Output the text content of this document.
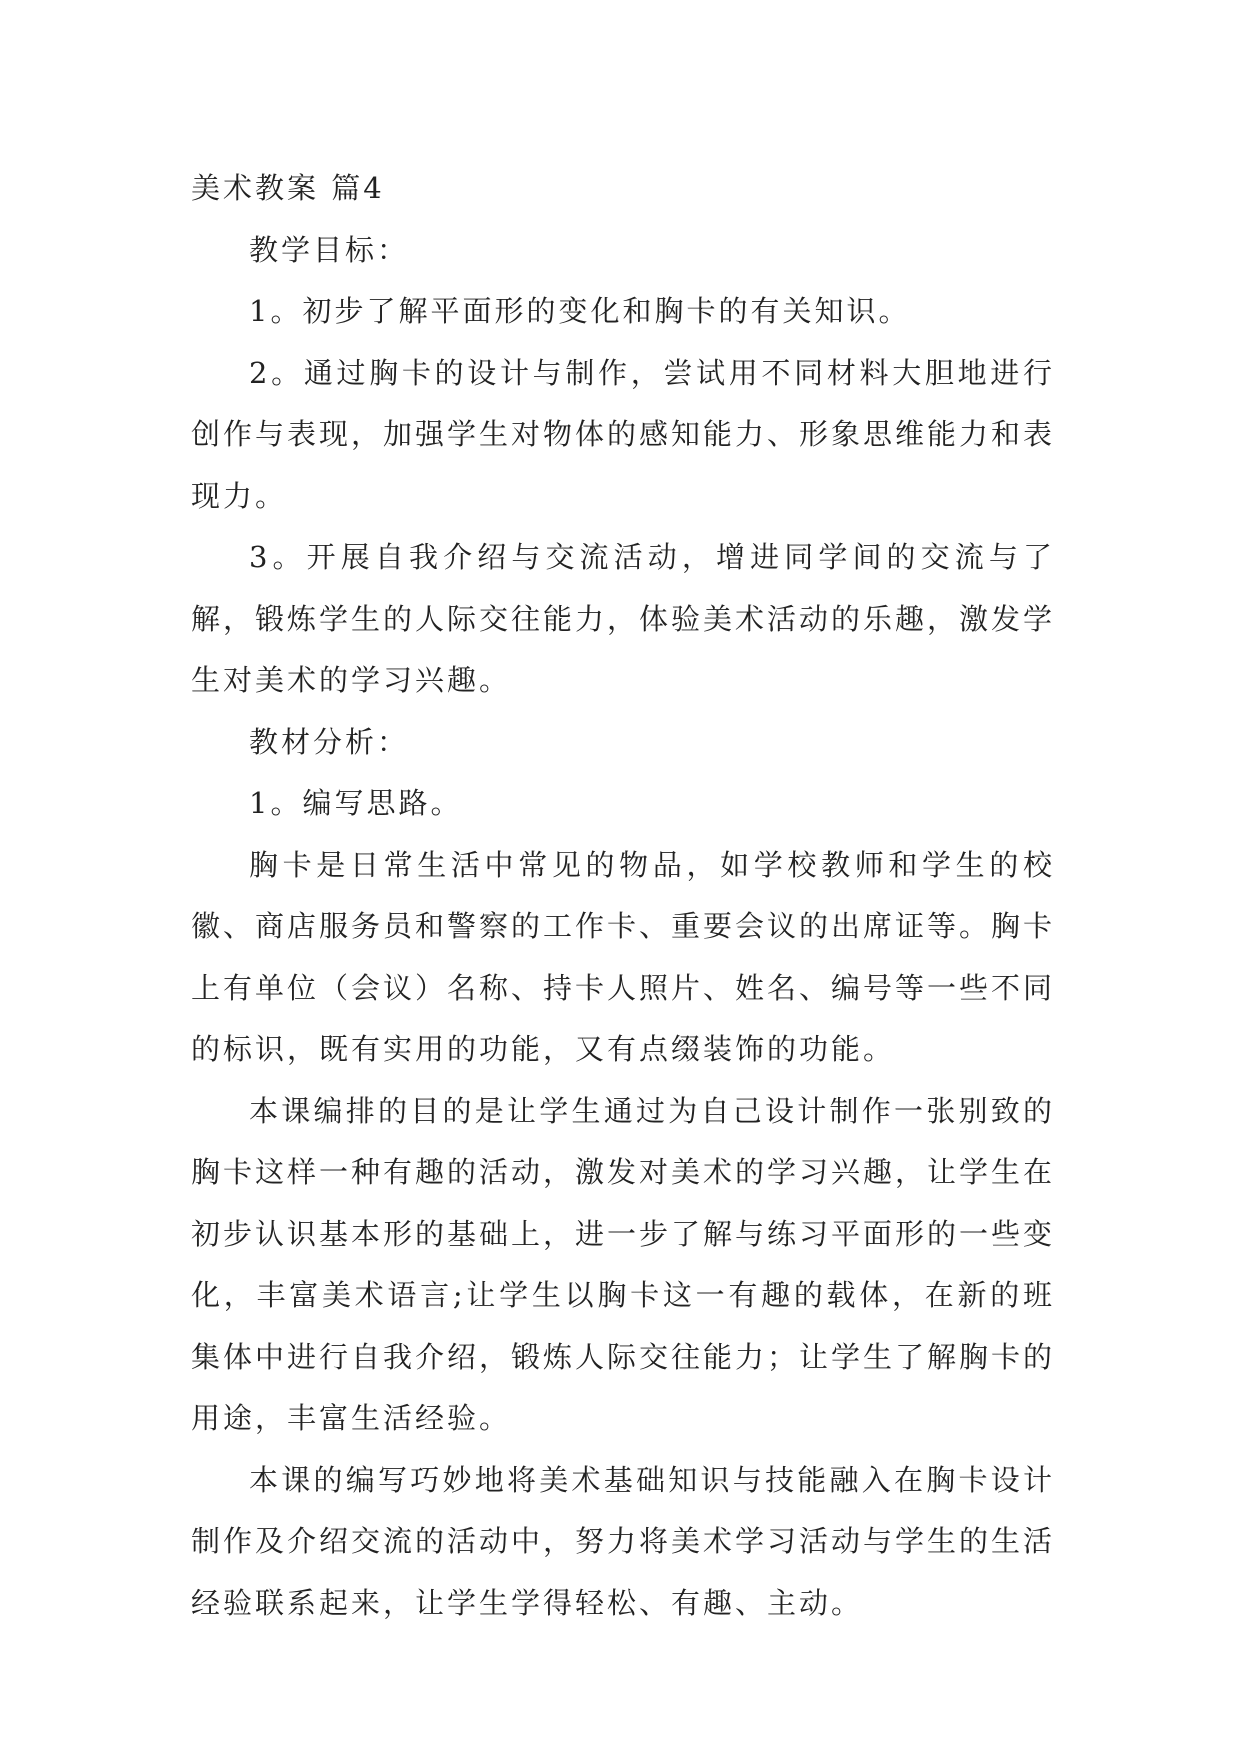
美术教案 篇4

教学目标：

1。初步了解平面形的变化和胸卡的有关知识。

2。通过胸卡的设计与制作，尝试用不同材料大胆地进行创作与表现，加强学生对物体的感知能力、形象思维能力和表现力。

3。开展自我介绍与交流活动，增进同学间的交流与了解，锻炼学生的人际交往能力，体验美术活动的乐趣，激发学生对美术的学习兴趣。

教材分析：

1。编写思路。

胸卡是日常生活中常见的物品，如学校教师和学生的校徽、商店服务员和警察的工作卡、重要会议的出席证等。胸卡上有单位（会议）名称、持卡人照片、姓名、编号等一些不同的标识，既有实用的功能，又有点缀装饰的功能。

本课编排的目的是让学生通过为自己设计制作一张别致的胸卡这样一种有趣的活动，激发对美术的学习兴趣，让学生在初步认识基本形的基础上，进一步了解与练习平面形的一些变化，丰富美术语言;让学生以胸卡这一有趣的载体，在新的班集体中进行自我介绍，锻炼人际交往能力；让学生了解胸卡的用途，丰富生活经验。

本课的编写巧妙地将美术基础知识与技能融入在胸卡设计制作及介绍交流的活动中，努力将美术学习活动与学生的生活经验联系起来，让学生学得轻松、有趣、主动。
